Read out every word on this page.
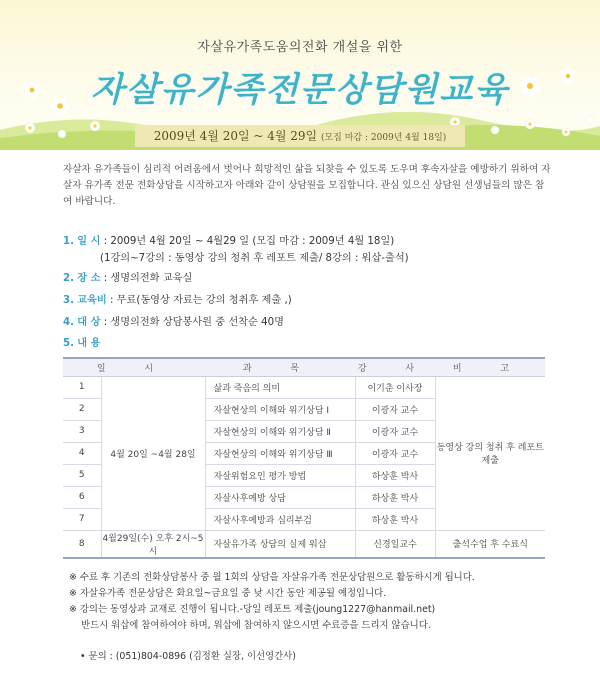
자살유가족도움의전화 개설을 위한
자살유가족전문상담원교육
2009년 4월 20일 ~ 4월 29일 (모집 마감 : 2009년 4월 18일)
자살자 유가족들이 심리적 어려움에서 벗어나 희망적인 삶을 되찾을 수 있도록 도우며 후속자살을 예방하기 위하여 자살자 유가족 전문 전화상담을 시작하고자 아래와 같이 상담원을 모집합니다. 관심 있으신 상담원 선생님들의 많은 참여 바랍니다.
1. 일 시 : 2009년 4월 20일 ~ 4월29 일 (모집 마감 : 2009년 4월 18일)
(1강의~7강의 : 동영상 강의 청취 후 레포트 제출/ 8강의 : 워삽-출석)
2. 장 소 : 생명의전화 교육실
3. 교육비 : 무료(동영상 자료는 강의 청취후 제출 ,)
4. 대 상 : 생명의전화 상담봉사원 중 선착순 40명
5. 내 용
일 시		과 목	강 사	비 고
1	4월 20일 ~4월 28일	삶과 죽음의 의미	이기춘 이사장	동영상 강의 청취 후 레포트제출
2		자살현상의 이해와 위기상담 Ⅰ	이광자 교수	
3		자살현상의 이해와 위기상담 Ⅱ	이광자 교수	
4		자살현상의 이해와 위기상담 Ⅲ	이광자 교수	
5		자살위험요인 평가 방법	하상훈 박사	
6		자살사후예방 상담	하상훈 박사	
7		자살사후예방과 심리부검	하상훈 박사	
8	4월29일(수) 오후 2시~5시	자살유가족 상담의 실제 워삽	신경일교수	출석수업 후 수료식
※ 수료 후 기존의 전화상담봉사 중 월 1회의 상담을 자살유가족 전문상담원으로 활동하시게 됩니다.
※ 자살유가족 전문상담은 화요일~금요일 중 낮 시간 동안 제공될 예정입니다.
※ 강의는 동영상과 교재로 진행이 됩니다.-당일 레포트 제출(joung1227@hanmail.net)
반드시 워삽에 참여하여야 하며, 워삽에 참여하지 않으시면 수료증을 드리지 않습니다.
• 문의 : (051)804-0896 (김정환 실장, 이선영간사)
